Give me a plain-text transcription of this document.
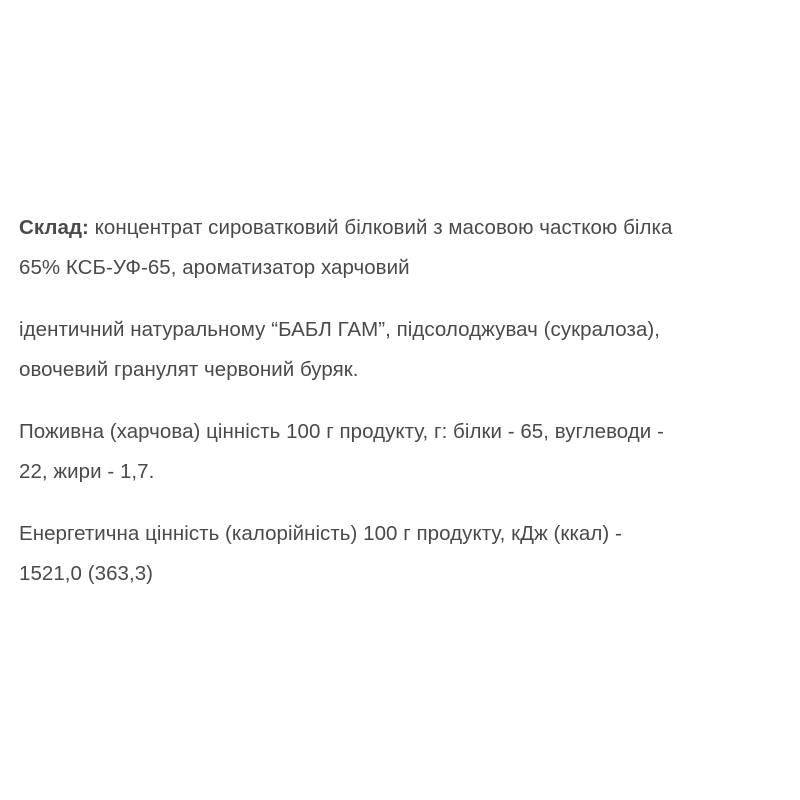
Склад: концентрат сироватковий білковий з масовою часткою білка
65% КСБ-УФ-65, ароматизатор харчовий

ідентичний натуральному “БАБЛ ГАМ”, підсолоджувач (сукралоза),
овочевий гранулят червоний буряк.

Поживна (харчова) цінність 100 г продукту, г: білки - 65, вуглеводи -
22, жири - 1,7.

Енергетична цінність (калорійність) 100 г продукту, кДж (ккал) -
1521,0 (363,3)
